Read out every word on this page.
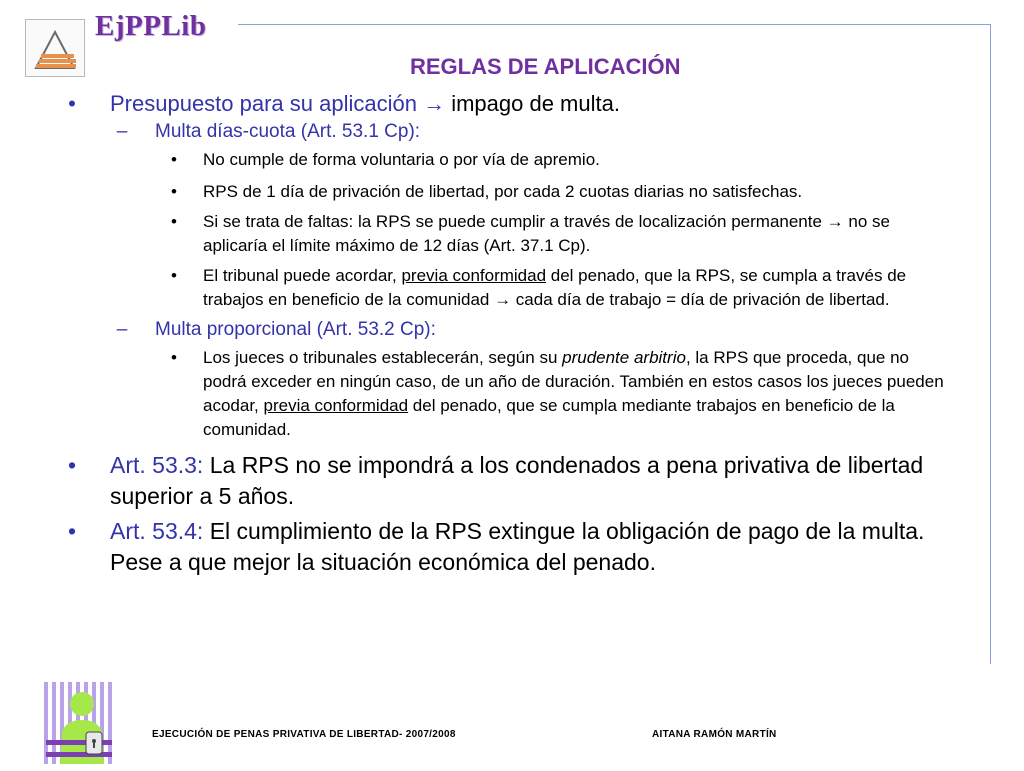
EjPPLib
REGLAS DE APLICACIÓN
• Presupuesto para su aplicación → impago de multa.
– Multa días-cuota (Art. 53.1 Cp):
• No cumple de forma voluntaria o por vía de apremio.
• RPS de 1 día de privación de libertad, por cada 2 cuotas diarias no satisfechas.
• Si se trata de faltas: la RPS se puede cumplir a través de localización permanente → no se aplicaría el límite máximo de 12 días (Art. 37.1 Cp).
• El tribunal puede acordar, previa conformidad del penado, que la RPS, se cumpla a través de trabajos en beneficio de la comunidad → cada día de trabajo = día de privación de libertad.
– Multa proporcional (Art. 53.2 Cp):
• Los jueces o tribunales establecerán, según su prudente arbitrio, la RPS que proceda, que no podrá exceder en ningún caso, de un año de duración. También en estos casos los jueces pueden acodar, previa conformidad del penado, que se cumpla mediante trabajos en beneficio de la comunidad.
• Art. 53.3: La RPS no se impondrá a los condenados a pena privativa de libertad superior a 5 años.
• Art. 53.4: El cumplimiento de la RPS extingue la obligación de pago de la multa. Pese a que mejor la situación económica del penado.
EJECUCIÓN DE PENAS PRIVATIVA DE LIBERTAD- 2007/2008	AITANA RAMÓN MARTÍN
